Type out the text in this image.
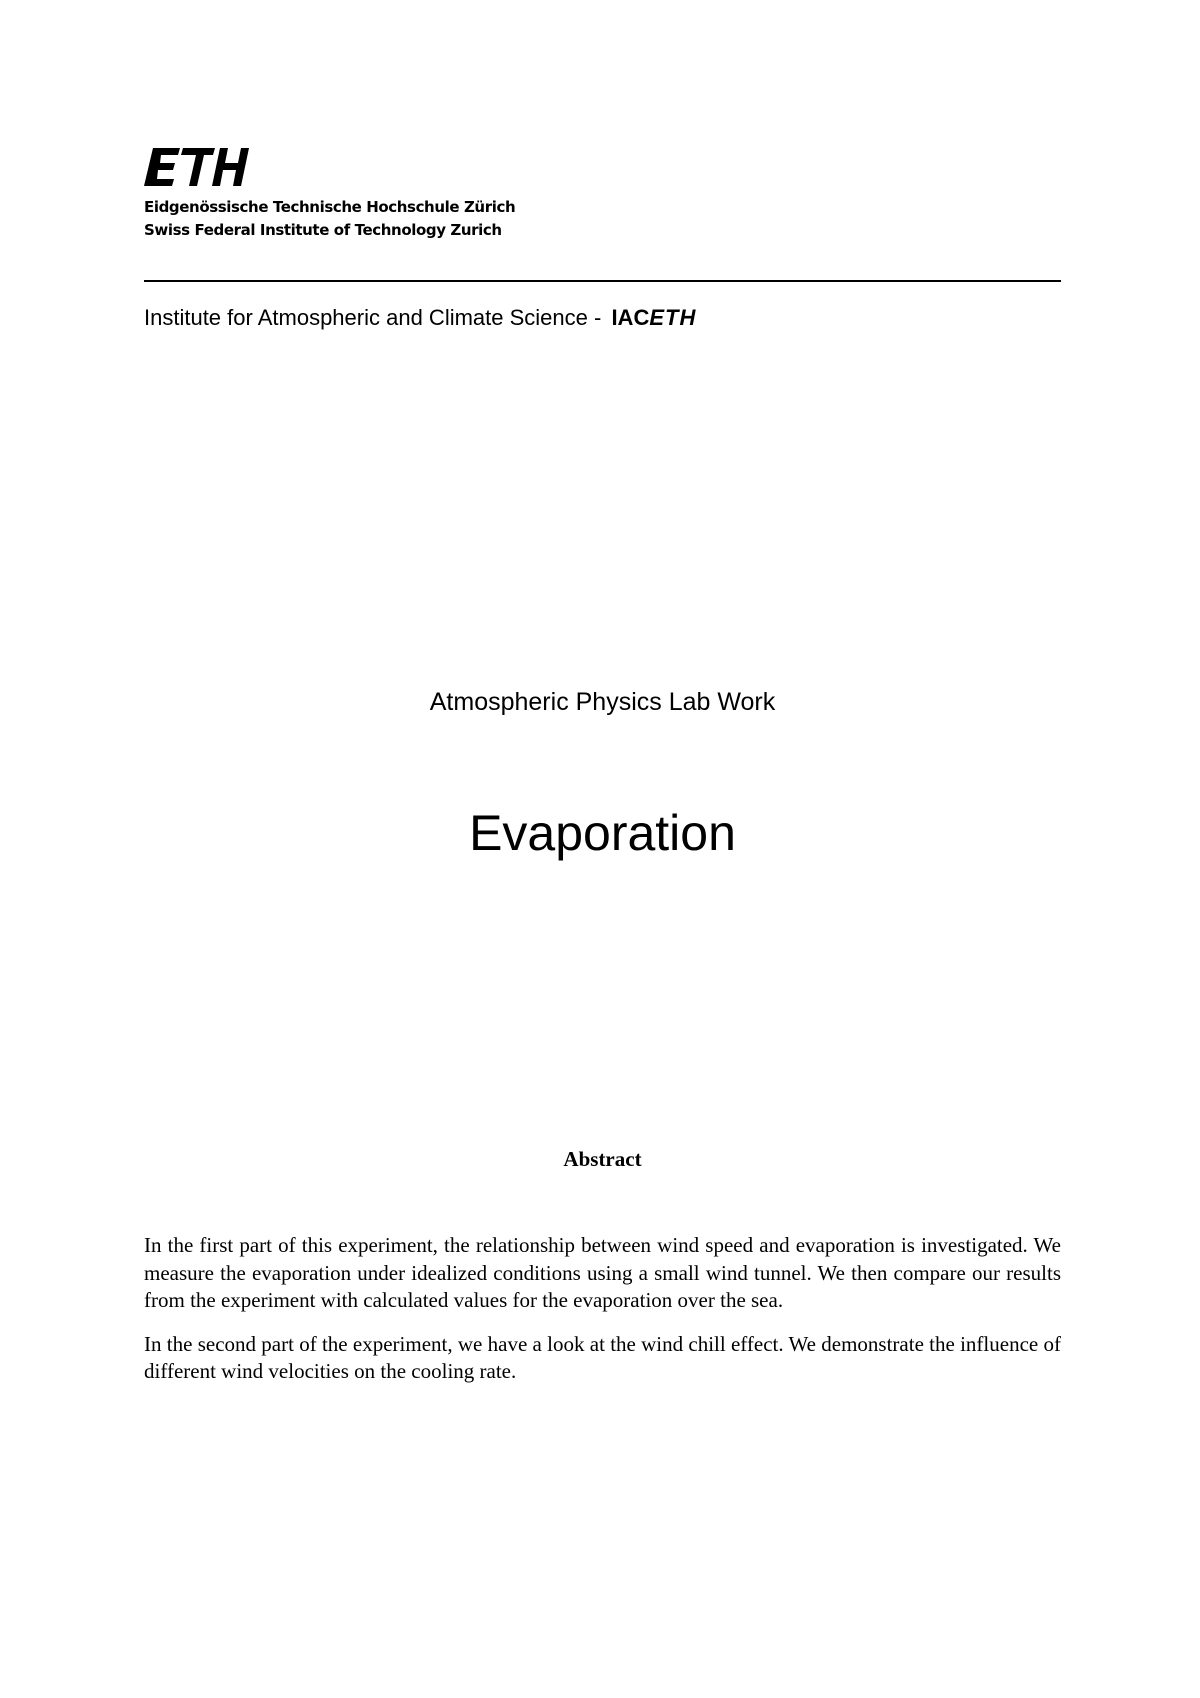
Eidgenössische Technische Hochschule Zürich
Swiss Federal Institute of Technology Zurich
Institute for Atmospheric and Climate Science - IACETH
Atmospheric Physics Lab Work
Evaporation
Abstract

In the first part of this experiment, the relationship between wind speed and evaporation is investigated. We measure the evaporation under idealized conditions using a small wind tunnel. We then compare our results from the experiment with calculated values for the evaporation over the sea.

In the second part of the experiment, we have a look at the wind chill effect. We demonstrate the influence of different wind velocities on the cooling rate.
